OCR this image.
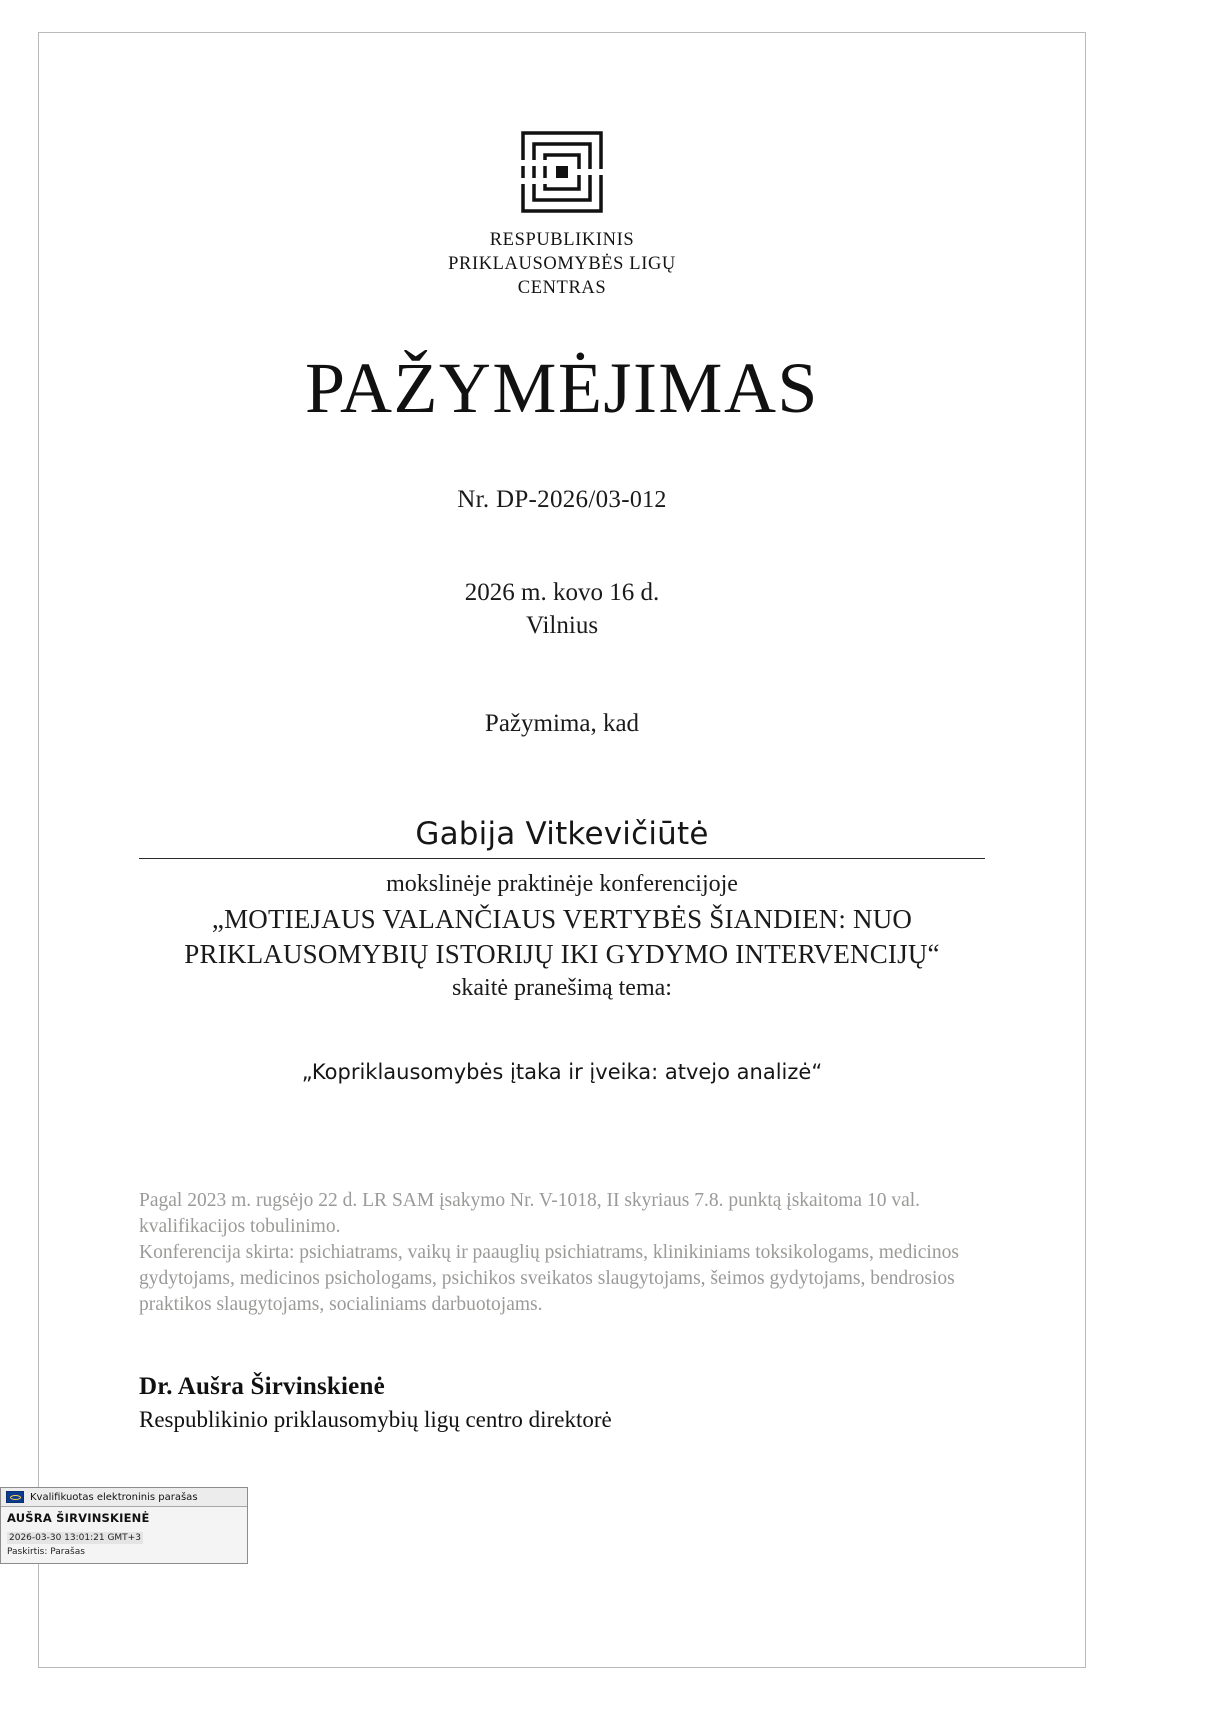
RESPUBLIKINIS
PRIKLAUSOMYBĖS LIGŲ
CENTRAS
PAŽYMĖJIMAS
Nr. DP-2026/03-012
2026 m. kovo 16 d.
Vilnius
Pažymima, kad
Gabija Vitkevičiūtė
mokslinėje praktinėje konferencijoje
„MOTIEJAUS VALANČIAUS VERTYBĖS ŠIANDIEN: NUO PRIKLAUSOMYBIŲ ISTORIJŲ IKI GYDYMO INTERVENCIJŲ“
skaitė pranešimą tema:
„Kopriklausomybės įtaka ir įveika: atvejo analizė“

Pagal 2023 m. rugsėjo 22 d. LR SAM įsakymo Nr. V-1018, II skyriaus 7.8. punktą įskaitoma 10 val. kvalifikacijos tobulinimo.

Konferencija skirta: psichiatrams, vaikų ir paauglių psichiatrams, klinikiniams toksikologams, medicinos gydytojams, medicinos psichologams, psichikos sveikatos slaugytojams, šeimos gydytojams, bendrosios praktikos slaugytojams, socialiniams darbuotojams.

Dr. Aušra Širvinskienė
Respublikinio priklausomybių ligų centro direktorė
Kvalifikuotas elektroninis parašas
AUŠRA ŠIRVINSKIENĖ
2026-03-30 13:01:21 GMT+3
Paskirtis: Parašas
